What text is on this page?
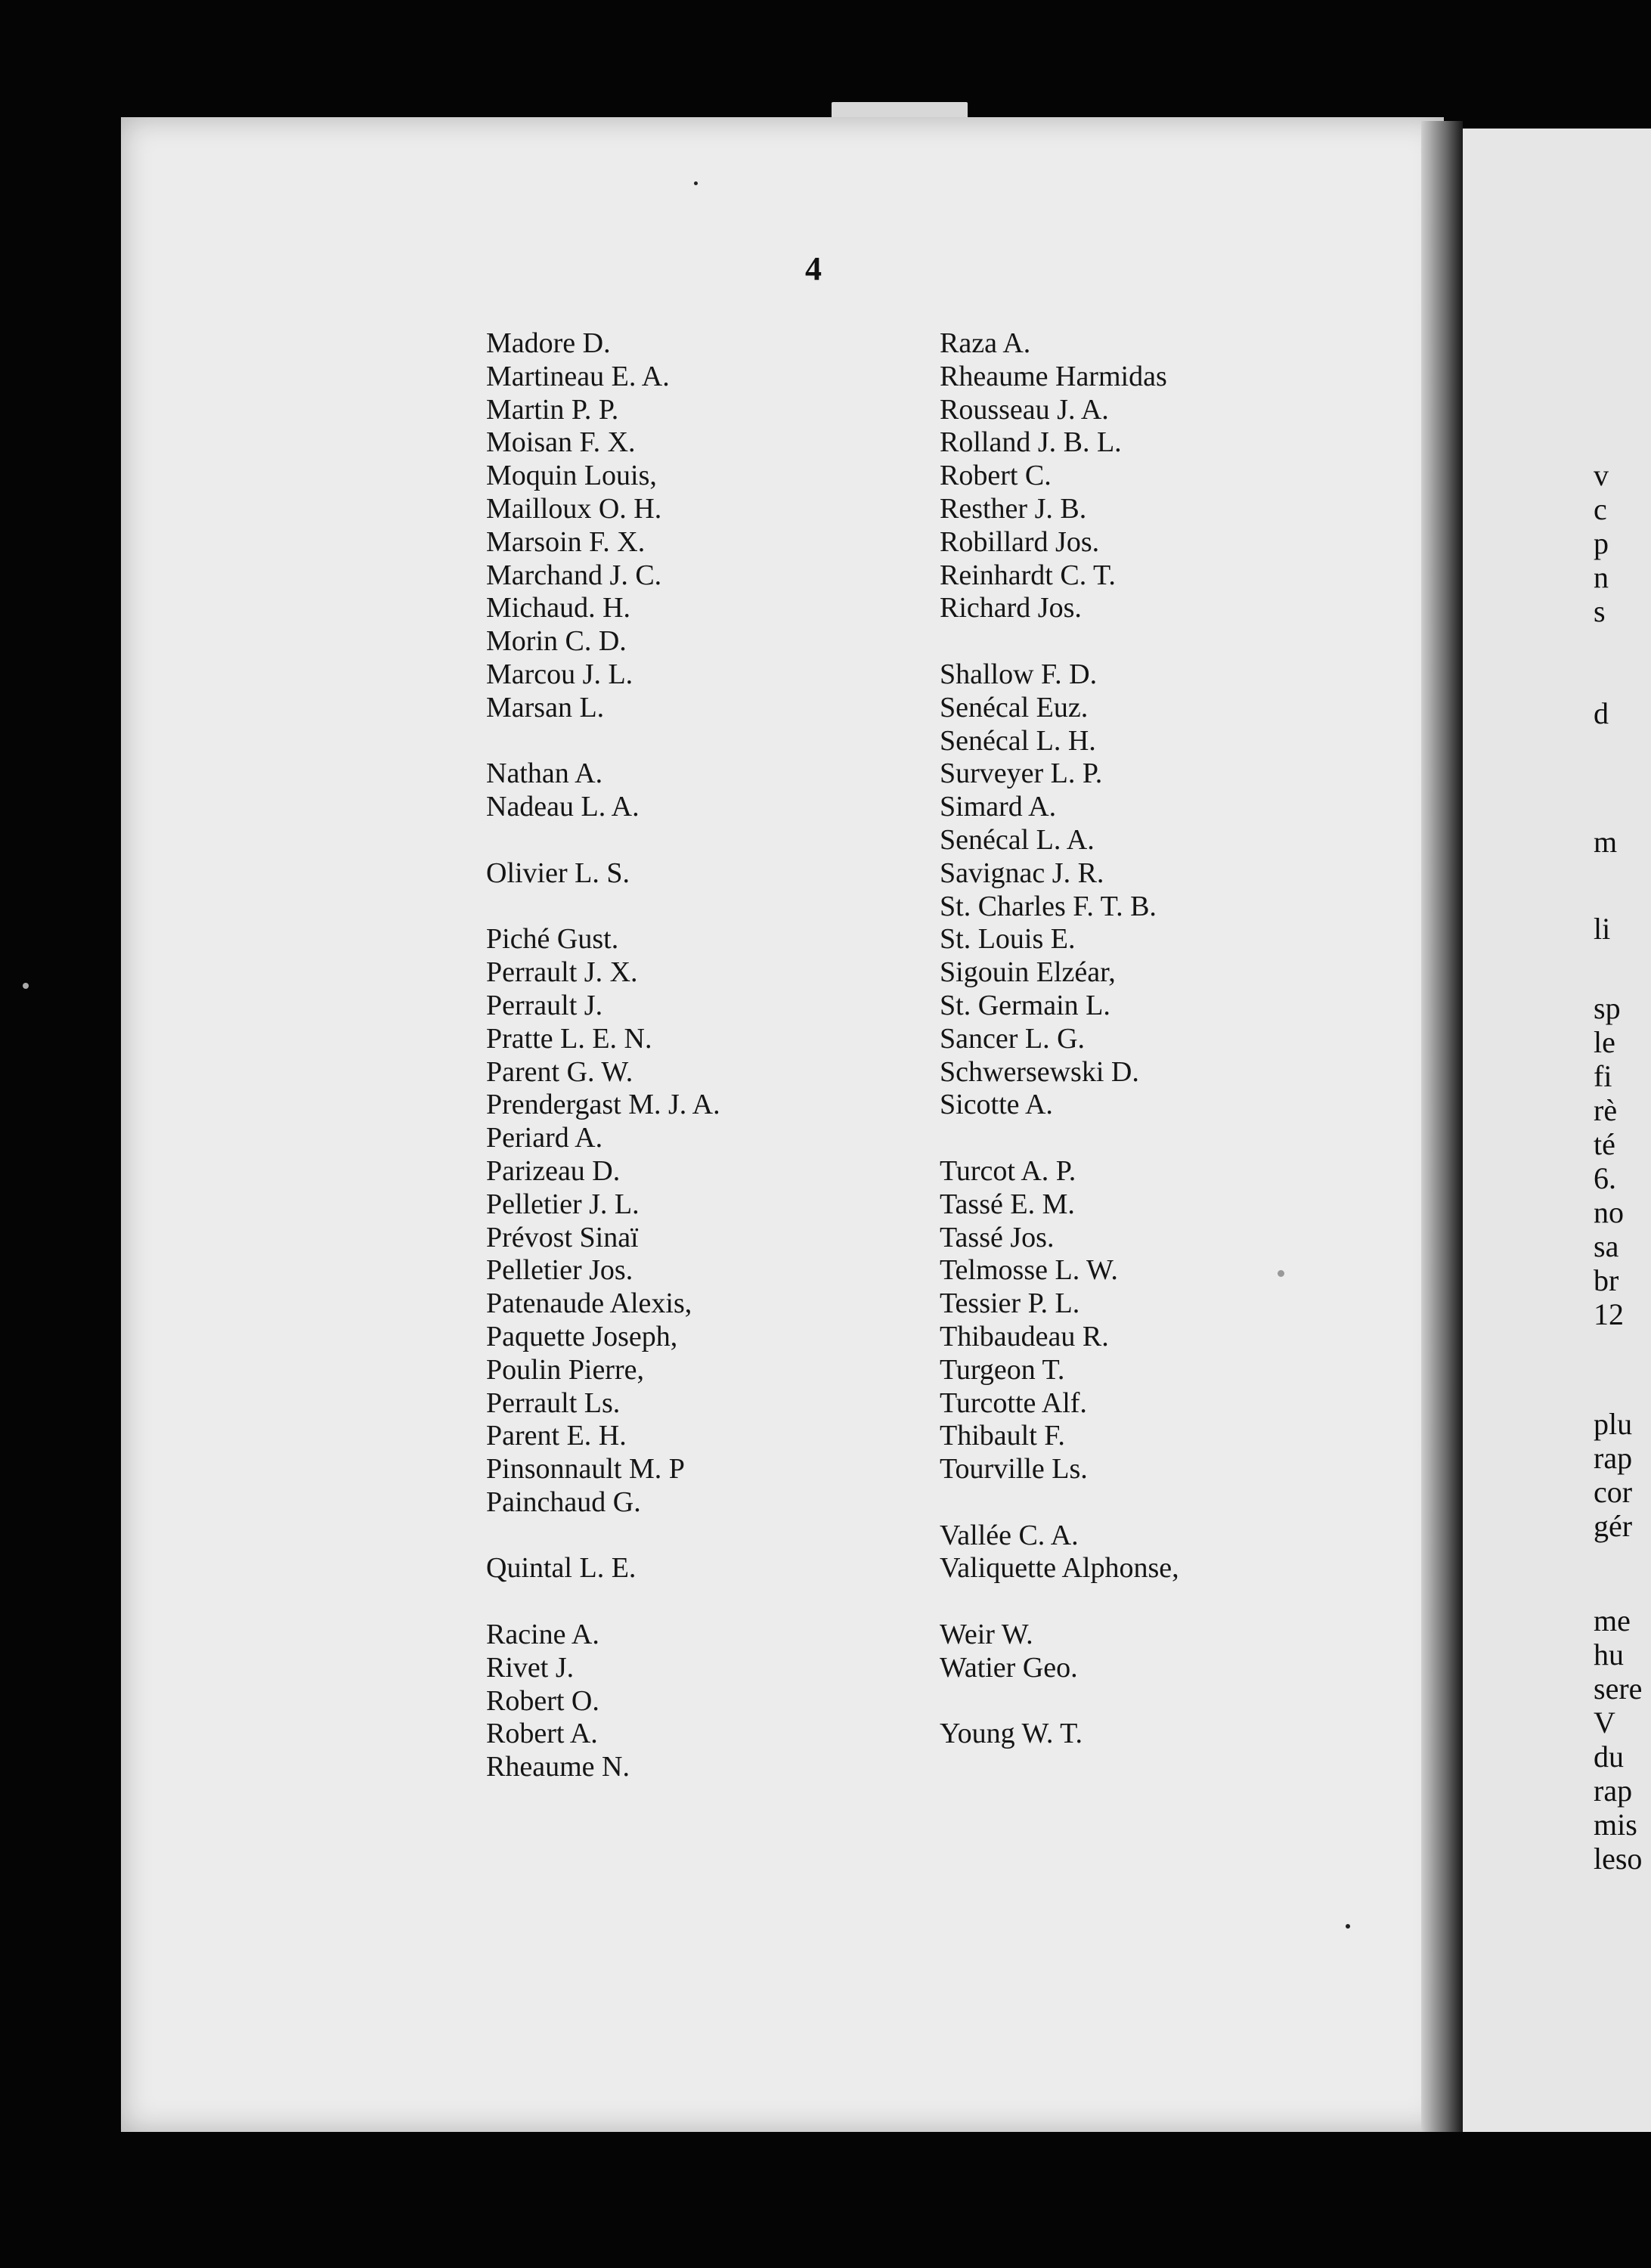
4
Madore D.
Martineau E. A.
Martin P. P.
Moisan F. X.
Moquin Louis,
Mailloux O. H.
Marsoin F. X.
Marchand J. C.
Michaud. H.
Morin C. D.
Marcou J. L.
Marsan L.
Nathan A.
Nadeau L. A.
Olivier L. S.
Piché Gust.
Perrault J. X.
Perrault J.
Pratte L. E. N.
Parent G. W.
Prendergast M. J. A.
Periard A.
Parizeau D.
Pelletier J. L.
Prévost Sinaï
Pelletier Jos.
Patenaude Alexis,
Paquette Joseph,
Poulin Pierre,
Perrault Ls.
Parent E. H.
Pinsonnault M. P
Painchaud G.
Quintal L. E.
Racine A.
Rivet J.
Robert O.
Robert A.
Rheaume N.
Raza A.
Rheaume Harmidas
Rousseau J. A.
Rolland J. B. L.
Robert C.
Resther J. B.
Robillard Jos.
Reinhardt C. T.
Richard Jos.
Shallow F. D.
Senécal Euz.
Senécal L. H.
Surveyer L. P.
Simard A.
Senécal L. A.
Savignac J. R.
St. Charles F. T. B.
St. Louis E.
Sigouin Elzéar,
St. Germain L.
Sancer L. G.
Schwersewski D.
Sicotte A.
Turcot A. P.
Tassé E. M.
Tassé Jos.
Telmosse L. W.
Tessier P. L.
Thibaudeau R.
Turgeon T.
Turcotte Alf.
Thibault F.
Tourville Ls.
Vallée C. A.
Valiquette Alphonse,
Weir W.
Watier Geo.
Young W. T.
v
c
p
n
s
d
m
li
sp
le
fi
rè
té
6.
no
sa
br
12
plu
rap
cor
gér
me
hu
sere
V
du
rap
mis
leso
